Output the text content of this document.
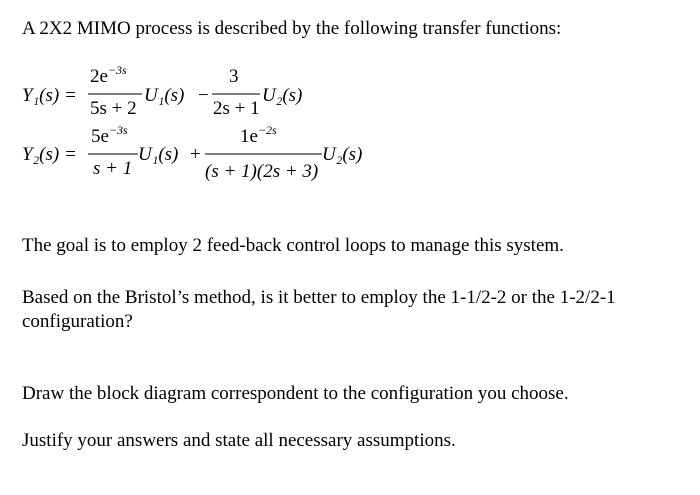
A 2X2 MIMO process is described by the following transfer functions:

Y₁(s) =
$2e^{-3s}$
5s + 2
U₁(s) −
3
2s + 1
U₂(s)
Y₂(s) =
$5e^{-3s}$
s + 1
U₁(s) +
$1e^{-2s}$
(s + 1)(2s + 3)
U₂(s)

The goal is to employ 2 feed-back control loops to manage this system.

Based on the Bristol’s method, is it better to employ the 1-1/2-2 or the 1-2/2-1 configuration?

Draw the block diagram correspondent to the configuration you choose.

Justify your answers and state all necessary assumptions.
